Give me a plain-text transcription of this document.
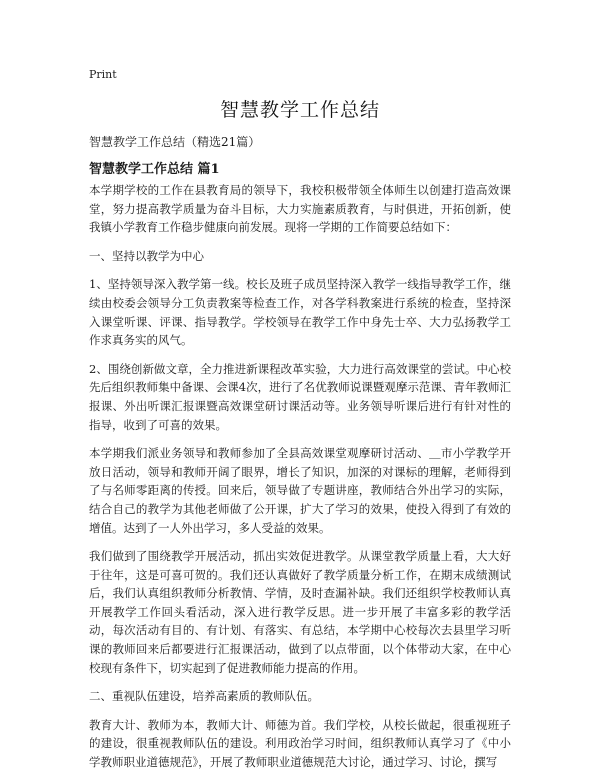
Print
智慧教学工作总结
智慧教学工作总结（精选21篇）
智慧教学工作总结 篇1

本学期学校的工作在县教育局的领导下，我校积极带领全体师生以创建打造高效课堂，努力提高教学质量为奋斗目标，大力实施素质教育，与时俱进，开拓创新，使我镇小学教育工作稳步健康向前发展。现将一学期的工作简要总结如下：

一、坚持以教学为中心

1、坚持领导深入教学第一线。校长及班子成员坚持深入教学一线指导教学工作，继续由校委会领导分工负责教案等检查工作，对各学科教案进行系统的检查，坚持深入课堂听课、评课、指导教学。学校领导在教学工作中身先士卒、大力弘扬教学工作求真务实的风气。

2、围绕创新做文章，全力推进新课程改革实验，大力进行高效课堂的尝试。中心校先后组织教师集中备课、会课4次，进行了名优教师说课暨观摩示范课、青年教师汇报课、外出听课汇报课暨高效课堂研讨课活动等。业务领导听课后进行有针对性的指导，收到了可喜的效果。

本学期我们派业务领导和教师参加了全县高效课堂观摩研讨活动、＿市小学教学开放日活动，领导和教师开阔了眼界，增长了知识，加深的对课标的理解，老师得到了与名师零距离的传授。回来后，领导做了专题讲座，教师结合外出学习的实际，结合自己的教学为其他老师做了公开课，扩大了学习的效果，使投入得到了有效的增值。达到了一人外出学习，多人受益的效果。

我们做到了围绕教学开展活动，抓出实效促进教学。从课堂教学质量上看，大大好于往年，这是可喜可贺的。我们还认真做好了教学质量分析工作，在期末成绩测试后，我们认真组织教师分析教情、学情，及时查漏补缺。我们还组织学校教师认真开展教学工作回头看活动，深入进行教学反思。进一步开展了丰富多彩的教学活动，每次活动有目的、有计划、有落实、有总结，本学期中心校每次去县里学习听课的教师回来后都要进行汇报课活动，做到了以点带面，以个体带动大家，在中心校现有条件下，切实起到了促进教师能力提高的作用。

二、重视队伍建设，培养高素质的教师队伍。

教育大计、教师为本，教师大计、师德为首。我们学校，从校长做起，很重视班子的建设，很重视教师队伍的建设。利用政治学习时间，组织教师认真学习了《中小学教师职业道德规范》，开展了教师职业道德规范大讨论，通过学习、讨论，撰写
